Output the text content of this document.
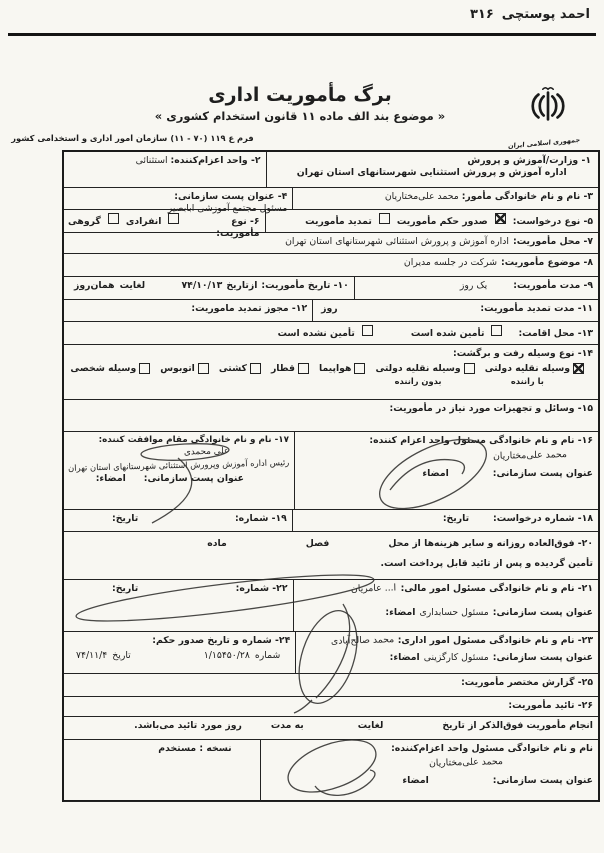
۳۱۶ احمد پوستچی
جمهوری اسلامی ایران
برگ مأموریت اداری
« موضوع بند الف ماده ۱۱ قانون استخدام کشوری »
فرم ع ۱۱۹
(۱۱ - ۷۰)
سازمان امور اداری و استخدامی کشور
۱- وزارت/آموزش و پرورش
اداره آموزش و پرورش استثنایی شهرستانهای استان تهران
۲- واحد اعزام‌کننده: استثنائی
۳- نام و نام خانوادگی مأمور: محمد علی‌مختاریان
۴- عنوان پست سازمانی: مسئول مجتمع آموزشی ابابصیر
۵- نوع درخواست:
صدور حکم مأموریت
تمدید مأموریت
۶- نوع مأموریت:
انفرادی
گروهی
۷- محل مأموریت:
اداره آموزش و پرورش استثنائی شهرستانهای استان تهران
۸- موضوع مأموریت:
شرکت در جلسه مدیران
۹- مدت مأموریت:
یک روز
۱۰- تاریخ مأموریت:
ازتاریخ
۷۴/۱۰/۱۳
لغایت
همان‌روز
۱۱- مدت تمدید مأموریت:
روز
۱۲- مجوز تمدید ماموریت:
۱۳- محل اقامت:
تأمین شده است
تأمین نشده است
۱۴- نوع وسیله رفت و برگشت:
وسیله نقلیه دولتی
با راننده
وسیله نقلیه دولتی
بدون راننده
هواپیما
قطار
کشتی
اتوبوس
وسیله شخصی
۱۵- وسائل و تجهیزات مورد نیاز در مأموریت:
۱۶- نام و نام خانوادگی مسئول واحد اعزام کننده:
محمد علی‌مختاریان
عنوان پست سازمانی:
امضاء
۱۷- نام و نام خانوادگی مقام موافقت کننده:
علی محمدی رئیس اداره آموزش وپرورش استثنائی شهرستانهای استان تهران
عنوان پست سازمانی:
امضاء:
۱۸- شماره درخواست:
تاریخ:
۱۹- شماره:
تاریخ:
۲۰- فوق‌العاده روزانه و سایر هزینه‌ها از محل
فصل
ماده
تأمین گردیده و پس از تائید قابل پرداخت است.
۲۱- نام و نام خانوادگی مسئول امور مالی:
ا... عامریان
عنوان پست سازمانی:
مسئول حسابداری
امضاء:
۲۲- شماره:
تاریخ:
۲۳- نام و نام خانوادگی مسئول امور اداری:
محمد صالح‌آبادی
عنوان پست سازمانی:
مسئول کارگزینی
امضاء:
۲۴- شماره و تاریخ صدور حکم:
شماره
۱/۱۵۴۵۰/۲۸
تاریخ
۷۴/۱۱/۴
۲۵- گزارش مختصر مأموریت:
۲۶- تائید مأموریت:
انجام مأموریت فوق‌الذکر از تاریخ
لغایت
به مدت
روز مورد تائید می‌باشد.
نام و نام خانوادگی مسئول واحد اعزام‌کننده:
محمد علی‌مختاریان
عنوان پست سازمانی:
امضاء
نسخه : مستخدم
